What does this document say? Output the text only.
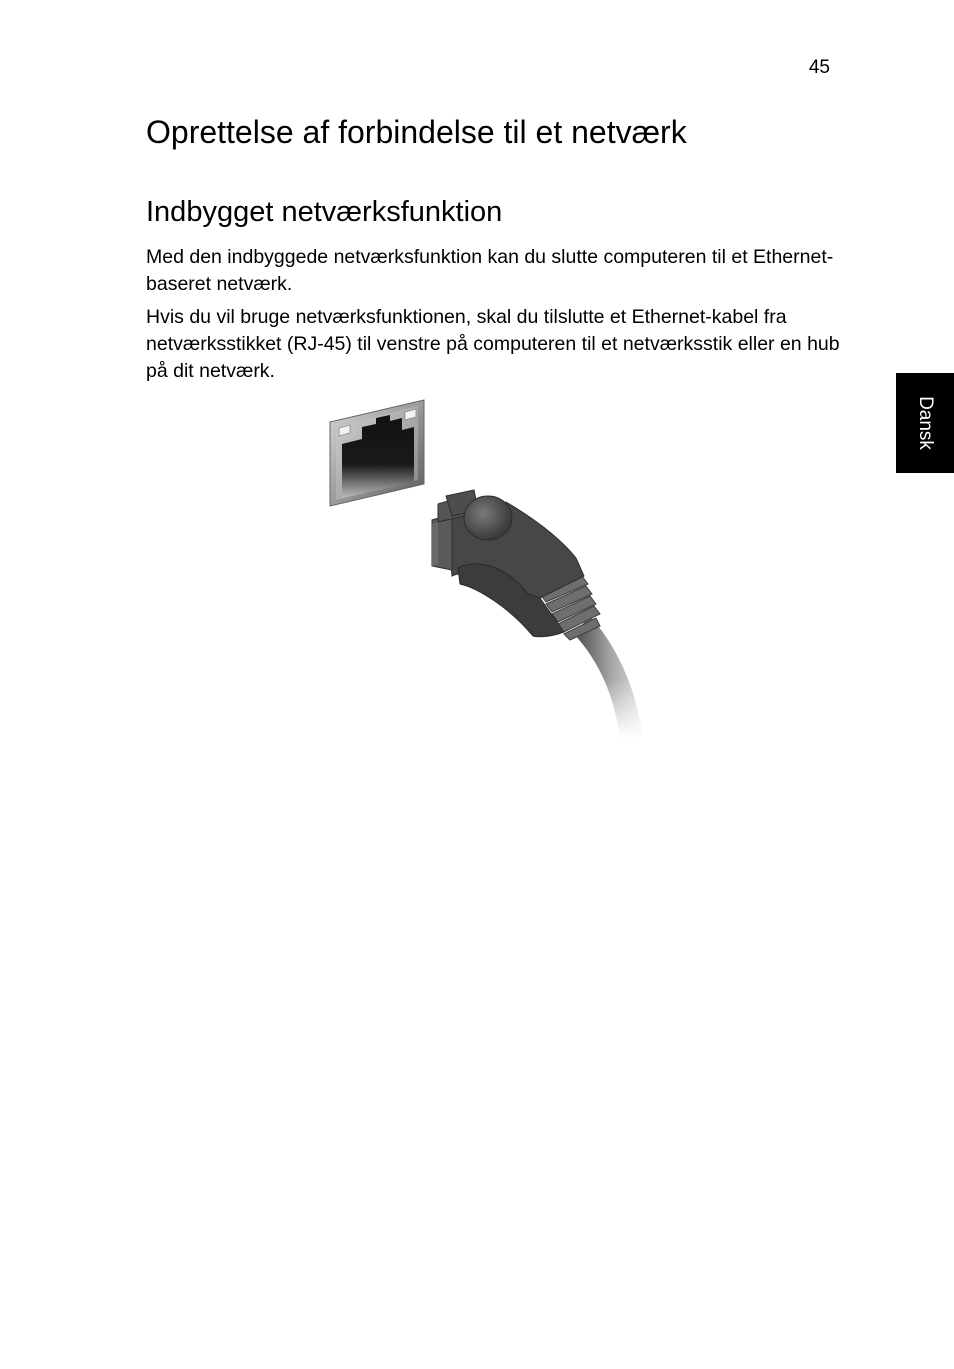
45
Oprettelse af forbindelse til et netværk
Indbygget netværksfunktion

Med den indbyggede netværksfunktion kan du slutte computeren til et Ethernet-baseret netværk.

Hvis du vil bruge netværksfunktionen, skal du tilslutte et Ethernet-kabel fra netværksstikket (RJ-45) til venstre på computeren til et netværksstik eller en hub på dit netværk.

Dansk
